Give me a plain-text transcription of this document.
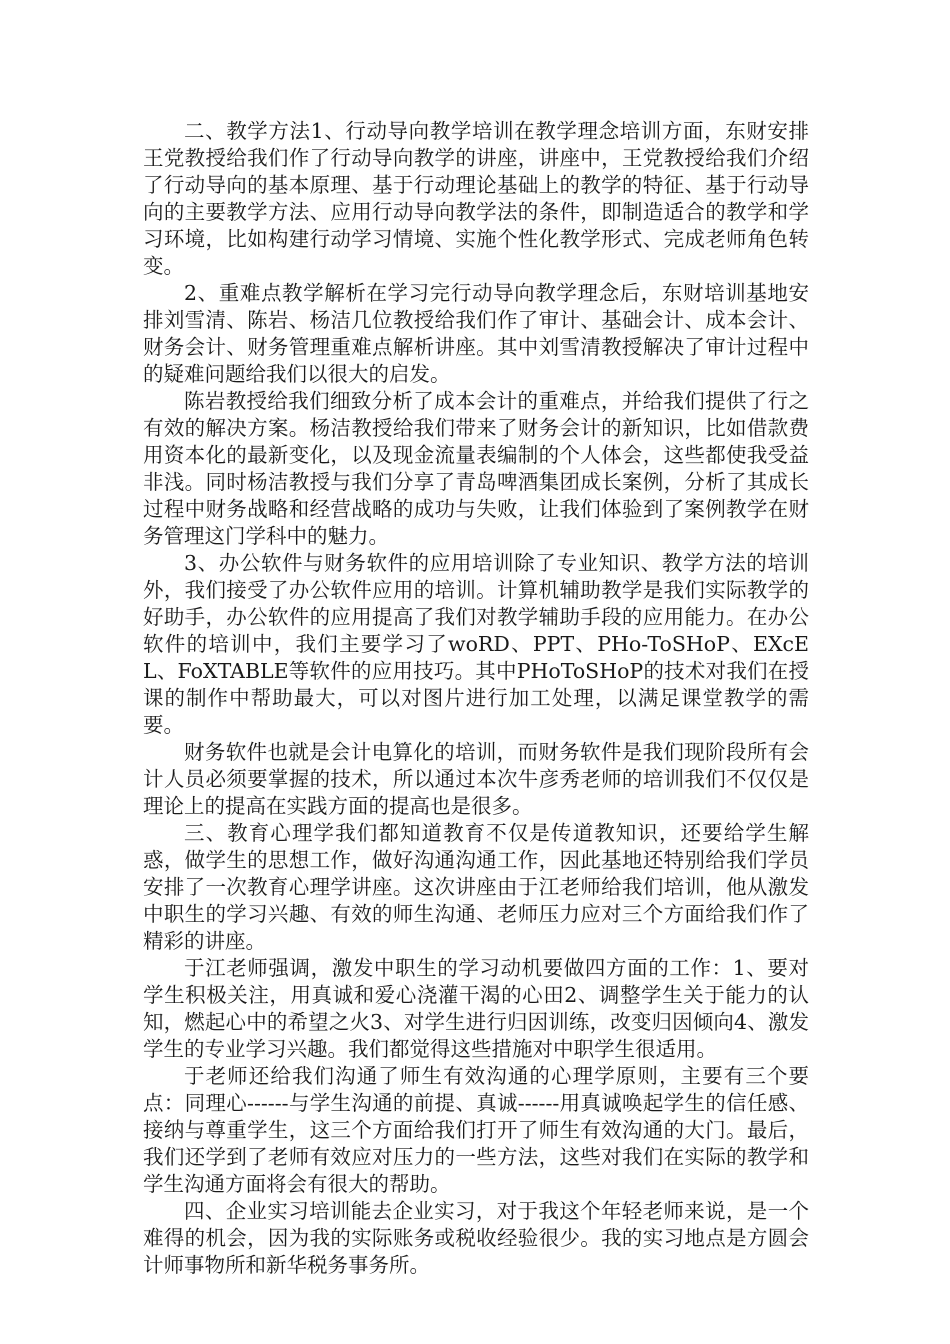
二、教学方法1、行动导向教学培训在教学理念培训方面，东财安排王党教授给我们作了行动导向教学的讲座，讲座中，王党教授给我们介绍了行动导向的基本原理、基于行动理论基础上的教学的特征、基于行动导向的主要教学方法、应用行动导向教学法的条件，即制造适合的教学和学习环境，比如构建行动学习情境、实施个性化教学形式、完成老师角色转变。

2、重难点教学解析在学习完行动导向教学理念后，东财培训基地安排刘雪清、陈岩、杨洁几位教授给我们作了审计、基础会计、成本会计、财务会计、财务管理重难点解析讲座。其中刘雪清教授解决了审计过程中的疑难问题给我们以很大的启发。

陈岩教授给我们细致分析了成本会计的重难点，并给我们提供了行之有效的解决方案。杨洁教授给我们带来了财务会计的新知识，比如借款费用资本化的最新变化，以及现金流量表编制的个人体会，这些都使我受益非浅。同时杨洁教授与我们分享了青岛啤酒集团成长案例，分析了其成长过程中财务战略和经营战略的成功与失败，让我们体验到了案例教学在财务管理这门学科中的魅力。

3、办公软件与财务软件的应用培训除了专业知识、教学方法的培训外，我们接受了办公软件应用的培训。计算机辅助教学是我们实际教学的好助手，办公软件的应用提高了我们对教学辅助手段的应用能力。在办公软件的培训中，我们主要学习了woRD、PPT、PHo-ToSHoP、EXcEL、FoXTABLE等软件的应用技巧。其中PHoToSHoP的技术对我们在授课的制作中帮助最大，可以对图片进行加工处理，以满足课堂教学的需要。

财务软件也就是会计电算化的培训，而财务软件是我们现阶段所有会计人员必须要掌握的技术，所以通过本次牛彦秀老师的培训我们不仅仅是理论上的提高在实践方面的提高也是很多。

三、教育心理学我们都知道教育不仅是传道教知识，还要给学生解惑，做学生的思想工作，做好沟通沟通工作，因此基地还特别给我们学员安排了一次教育心理学讲座。这次讲座由于江老师给我们培训，他从激发中职生的学习兴趣、有效的师生沟通、老师压力应对三个方面给我们作了精彩的讲座。

于江老师强调，激发中职生的学习动机要做四方面的工作：1、要对学生积极关注，用真诚和爱心浇灌干渴的心田2、调整学生关于能力的认知，燃起心中的希望之火3、对学生进行归因训练，改变归因倾向4、激发学生的专业学习兴趣。我们都觉得这些措施对中职学生很适用。

于老师还给我们沟通了师生有效沟通的心理学原则，主要有三个要点：同理心------与学生沟通的前提、真诚------用真诚唤起学生的信任感、接纳与尊重学生，这三个方面给我们打开了师生有效沟通的大门。最后，我们还学到了老师有效应对压力的一些方法，这些对我们在实际的教学和学生沟通方面将会有很大的帮助。

四、企业实习培训能去企业实习，对于我这个年轻老师来说，是一个难得的机会，因为我的实际账务或税收经验很少。我的实习地点是方圆会计师事物所和新华税务事务所。
